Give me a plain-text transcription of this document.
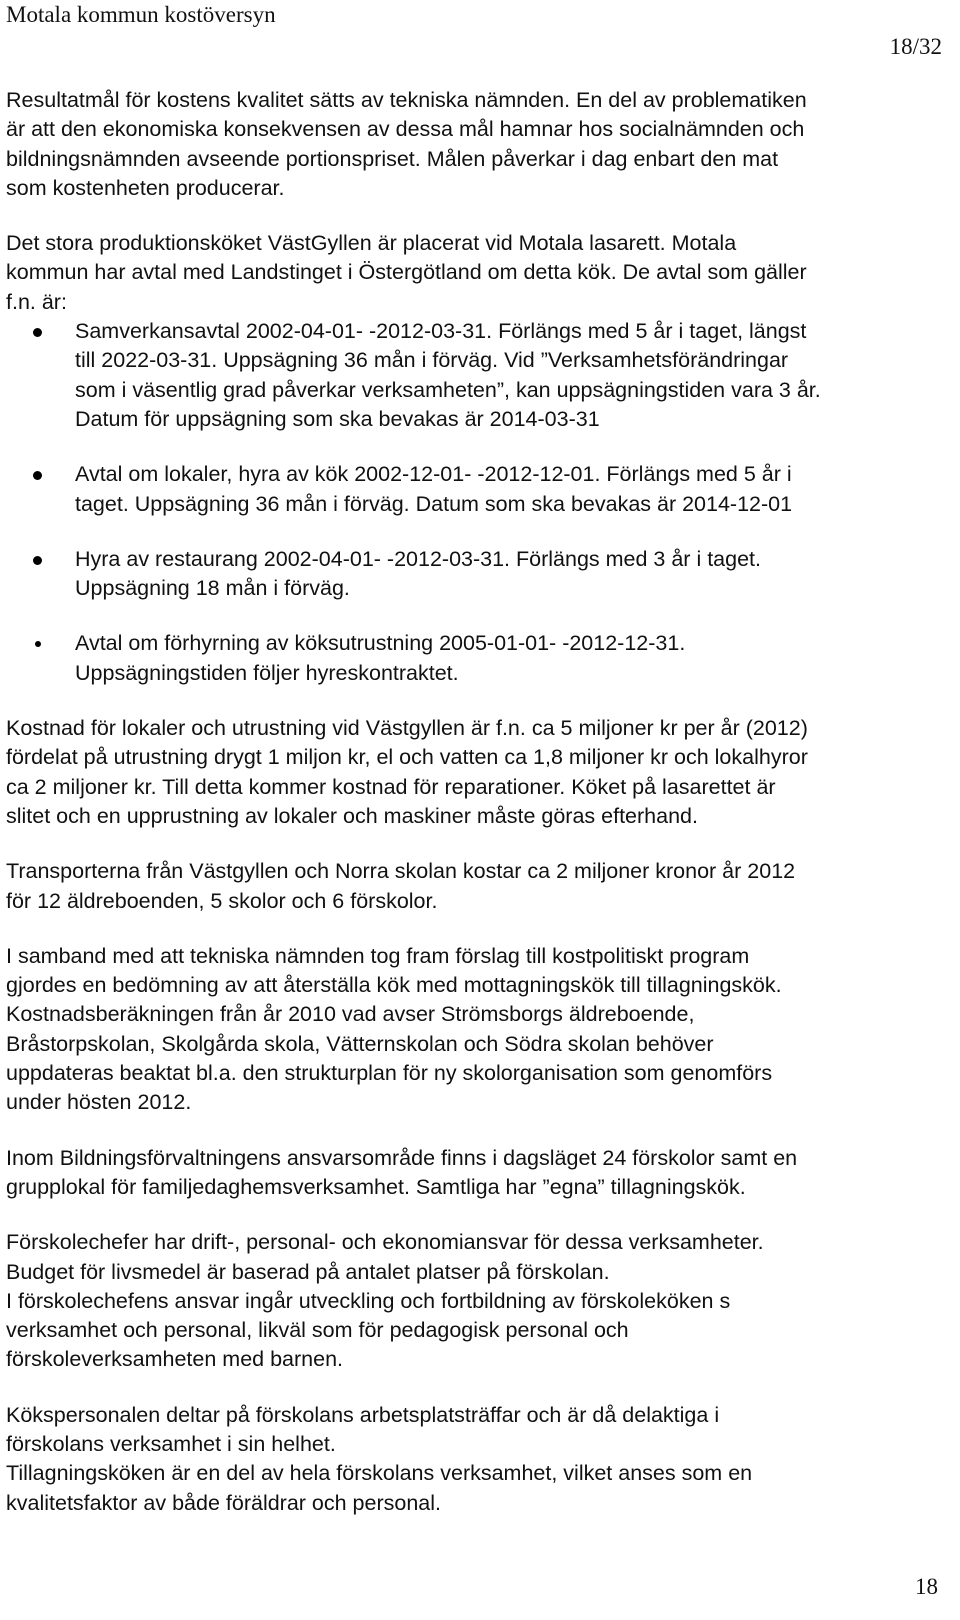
Motala kommun kostöversyn
18/32

Resultatmål för kostens kvalitet sätts av tekniska nämnden. En del av problematiken
är att den ekonomiska konsekvensen av dessa mål hamnar hos socialnämnden och
bildningsnämnden avseende portionspriset. Målen påverkar i dag enbart den mat
som kostenheten producerar.

Det stora produktionsköket VästGyllen är placerat vid Motala lasarett. Motala
kommun har avtal med Landstinget i Östergötland om detta kök. De avtal som gäller
f.n. är:

Samverkansavtal 2002-04-01- -2012-03-31. Förlängs med 5 år i taget, längst
till 2022-03-31. Uppsägning 36 mån i förväg. Vid ”Verksamhetsförändringar
som i väsentlig grad påverkar verksamheten”, kan uppsägningstiden vara 3 år.
Datum för uppsägning som ska bevakas är 2014-03-31
Avtal om lokaler, hyra av kök 2002-12-01- -2012-12-01. Förlängs med 5 år i
taget. Uppsägning 36 mån i förväg. Datum som ska bevakas är 2014-12-01
Hyra av restaurang 2002-04-01- -2012-03-31. Förlängs med 3 år i taget.
Uppsägning 18 mån i förväg.
Avtal om förhyrning av köksutrustning 2005-01-01- -2012-12-31.
Uppsägningstiden följer hyreskontraktet.

Kostnad för lokaler och utrustning vid Västgyllen är f.n. ca 5 miljoner kr per år (2012)
fördelat på utrustning drygt 1 miljon kr, el och vatten ca 1,8 miljoner kr och lokalhyror
ca 2 miljoner kr. Till detta kommer kostnad för reparationer. Köket på lasarettet är
slitet och en upprustning av lokaler och maskiner måste göras efterhand.

Transporterna från Västgyllen och Norra skolan kostar ca 2 miljoner kronor år 2012
för 12 äldreboenden, 5 skolor och 6 förskolor.

I samband med att tekniska nämnden tog fram förslag till kostpolitiskt program
gjordes en bedömning av att återställa kök med mottagningskök till tillagningskök.
Kostnadsberäkningen från år 2010 vad avser Strömsborgs äldreboende,
Bråstorpskolan, Skolgårda skola, Vätternskolan och Södra skolan behöver
uppdateras beaktat bl.a. den strukturplan för ny skolorganisation som genomförs
under hösten 2012.

Inom Bildningsförvaltningens ansvarsområde finns i dagsläget 24 förskolor samt en
grupplokal för familjedaghemsverksamhet. Samtliga har ”egna” tillagningskök.

Förskolechefer har drift-, personal- och ekonomiansvar för dessa verksamheter.
Budget för livsmedel är baserad på antalet platser på förskolan.
I förskolechefens ansvar ingår utveckling och fortbildning av förskoleköken s
verksamhet och personal, likväl som för pedagogisk personal och
förskoleverksamheten med barnen.

Kökspersonalen deltar på förskolans arbetsplatsträffar och är då delaktiga i
förskolans verksamhet i sin helhet.
Tillagningsköken är en del av hela förskolans verksamhet, vilket anses som en
kvalitetsfaktor av både föräldrar och personal.

18
